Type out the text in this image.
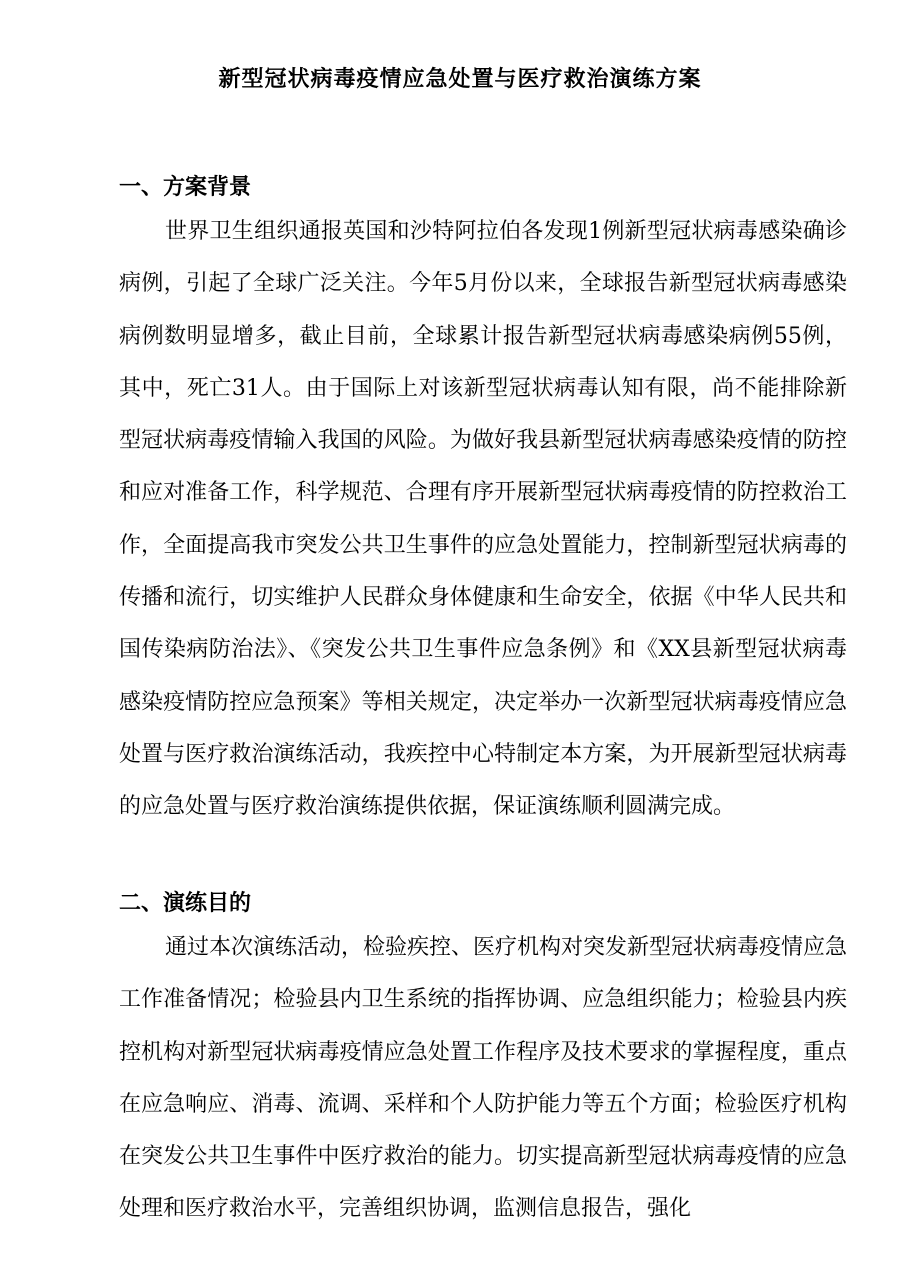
新型冠状病毒疫情应急处置与医疗救治演练方案
一、方案背景

世界卫生组织通报英国和沙特阿拉伯各发现1例新型冠状病毒感染确诊病例，引起了全球广泛关注。今年5月份以来，全球报告新型冠状病毒感染病例数明显增多，截止目前，全球累计报告新型冠状病毒感染病例55例，其中，死亡31人。由于国际上对该新型冠状病毒认知有限，尚不能排除新型冠状病毒疫情输入我国的风险。为做好我县新型冠状病毒感染疫情的防控和应对准备工作，科学规范、合理有序开展新型冠状病毒疫情的防控救治工作，全面提高我市突发公共卫生事件的应急处置能力，控制新型冠状病毒的传播和流行，切实维护人民群众身体健康和生命安全，依据《中华人民共和国传染病防治法》、《突发公共卫生事件应急条例》和《XX县新型冠状病毒感染疫情防控应急预案》等相关规定，决定举办一次新型冠状病毒疫情应急处置与医疗救治演练活动，我疾控中心特制定本方案，为开展新型冠状病毒的应急处置与医疗救治演练提供依据，保证演练顺利圆满完成。

二、演练目的

通过本次演练活动，检验疾控、医疗机构对突发新型冠状病毒疫情应急工作准备情况；检验县内卫生系统的指挥协调、应急组织能力；检验县内疾控机构对新型冠状病毒疫情应急处置工作程序及技术要求的掌握程度，重点在应急响应、消毒、流调、采样和个人防护能力等五个方面；检验医疗机构在突发公共卫生事件中医疗救治的能力。切实提高新型冠状病毒疫情的应急处理和医疗救治水平，完善组织协调，监测信息报告，强化
